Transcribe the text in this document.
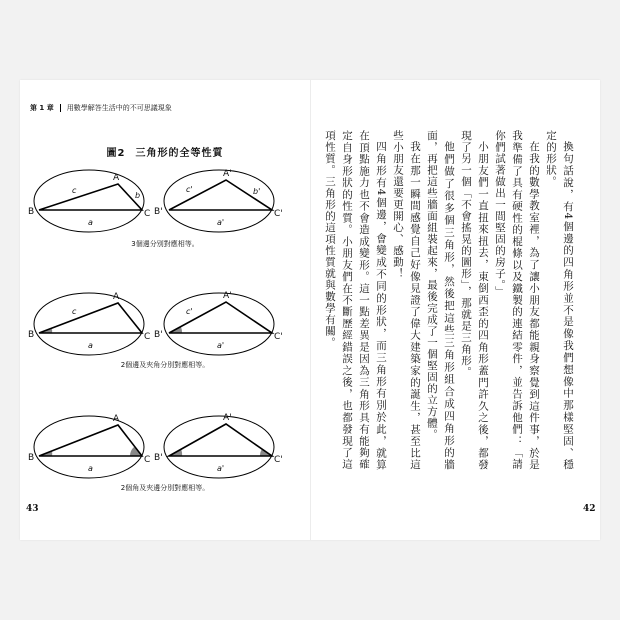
第 1 章 用數學解答生活中的不可思議現象
圖2 三角形的全等性質
A
B	C
a
b
c
A'
B'	C'
a'
b'
c'
3個邊分別對應相等。
A
B	C
a
c
A'
B'	C'
a'
c'
2個邊及夾角分別對應相等。
A
B	C
a
A'
B'	C'
a'
2個角及夾邊分別對應相等。
43

換句話說，有4個邊的四角形並不是像我們想像中那樣堅固、穩定的形狀。

在我的數學教室裡，為了讓小朋友都能親身察覺到這件事，於是我準備了具有硬性的棍條以及鐵製的連結零件，並告訴他們：「請你們試著做出一間堅固的房子。」

小朋友們一直扭來扭去，東倒西歪的四角形蓋門許久之後，都發現了另一個「不會搖晃的圖形」，那就是三角形。

他們做了很多個三角形，然後把這些三角形組合成四角形的牆面，再把這些牆面組裝起來，最後完成了一個堅固的立方體。

我在那一瞬間感覺自己好像見證了偉大建築家的誕生，甚至比這些小朋友還要更開心、感動！

四角形有4個邊，會變成不同的形狀，而三角形有別於此，就算在頂點施力也不會造成變形。這一點差異是因為三角形具有能夠確定自身形狀的性質。小朋友們在不斷歷經錯誤之後，也都發現了這項性質。三角形的這項性質就與數學有關。

42
